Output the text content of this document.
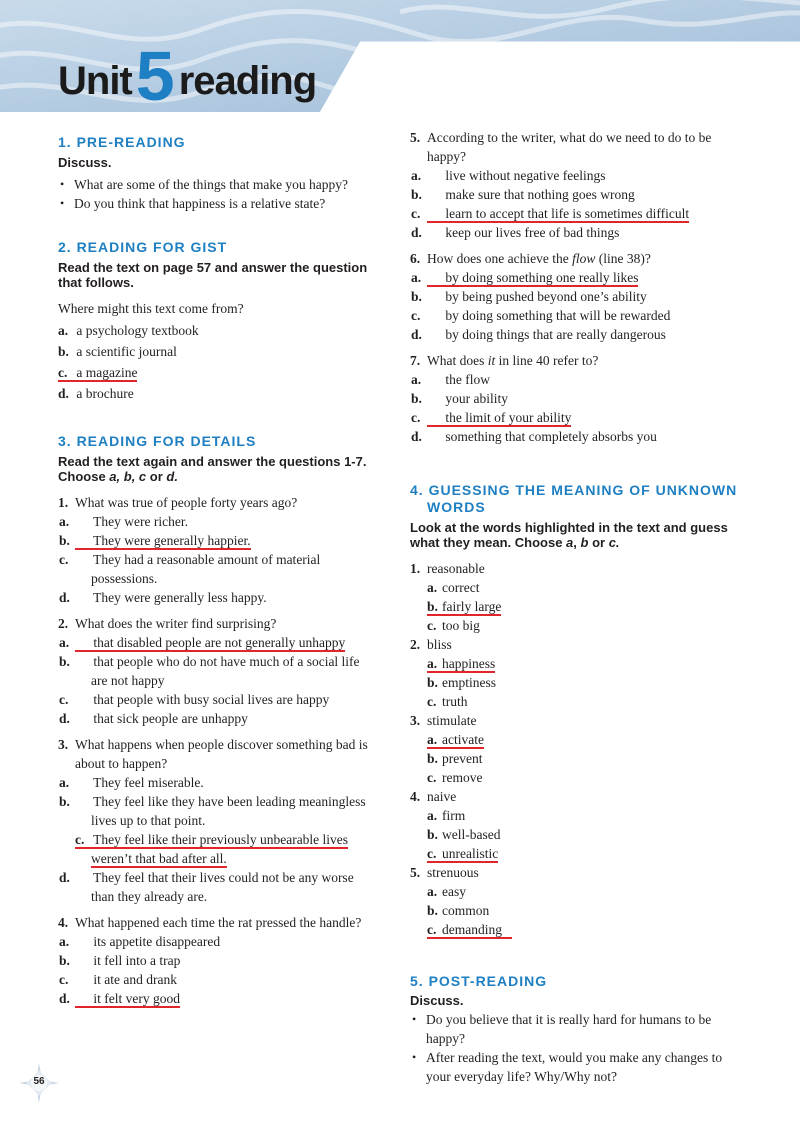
Unit5 reading
1. PRE-READING
Discuss.
• What are some of the things that make you happy?
• Do you think that happiness is a relative state?
2. READING FOR GIST
Read the text on page 57 and answer the question that follows.
Where might this text come from?
a. a psychology textbook
b. a scientific journal
c. a magazine
d. a brochure
3. READING FOR DETAILS
Read the text again and answer the questions 1-7. Choose a, b, c or d.
1. What was true of people forty years ago?
a. They were richer.
b. They were generally happier.
c. They had a reasonable amount of material possessions.
d. They were generally less happy.
2. What does the writer find surprising?
a. that disabled people are not generally unhappy
b. that people who do not have much of a social life are not happy
c. that people with busy social lives are happy
d. that sick people are unhappy
3. What happens when people discover something bad is about to happen?
a. They feel miserable.
b. They feel like they have been leading meaningless lives up to that point.
c. They feel like their previously unbearable lives
weren’t that bad after all.
d. They feel that their lives could not be any worse than they already are.
4. What happened each time the rat pressed the handle?
a. its appetite disappeared
b. it fell into a trap
c. it ate and drank
d. it felt very good
5. According to the writer, what do we need to do to be happy?
a. live without negative feelings
b. make sure that nothing goes wrong
c. learn to accept that life is sometimes difficult
d. keep our lives free of bad things
6. How does one achieve the flow (line 38)?
a. by doing something one really likes
b. by being pushed beyond one’s ability
c. by doing something that will be rewarded
d. by doing things that are really dangerous
7. What does it in line 40 refer to?
a. the flow
b. your ability
c. the limit of your ability
d. something that completely absorbs you
4. GUESSING THE MEANING OF UNKNOWN
WORDS
Look at the words highlighted in the text and guess what they mean. Choose a, b or c.
1. reasonable
a. correct
b. fairly large
c. too big
2. bliss
a. happiness
b. emptiness
c. truth
3. stimulate
a. activate
b. prevent
c. remove
4. naive
a. firm
b. well-based
c. unrealistic
5. strenuous
a. easy
b. common
c. demanding
5. POST-READING
Discuss.
• Do you believe that it is really hard for humans to be happy?
• After reading the text, would you make any changes to your everyday life? Why/Why not?
56
